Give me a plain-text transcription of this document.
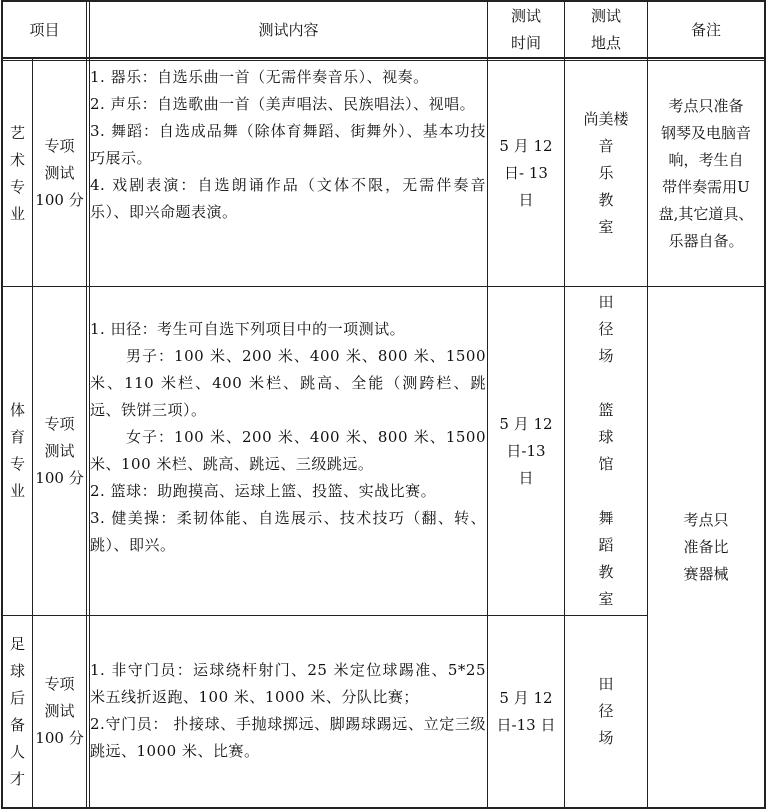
项目	测试内容
测试
时间
测试
地点
备注
艺
术
专
业
专项
测试
100 分

1. 器乐：自选乐曲一首（无需伴奏音乐）、视奏。

2. 声乐：自选歌曲一首（美声唱法、民族唱法）、视唱。

3. 舞蹈：自选成品舞（除体育舞蹈、街舞外）、基本功技巧展示。

4. 戏剧表演：自选朗诵作品（文体不限，无需伴奏音乐）、即兴命题表演。

5 月 12
日- 13
日
尚美楼
音
乐
教
室
考点只准备
钢琴及电脑音
响，考生自
带伴奏需用U
盘,其它道具、
乐器自备。
体
育
专
业
专项
测试
100 分

1. 田径：考生可自选下列项目中的一项测试。

男子：100 米、200 米、400 米、800 米、1500 米、110 米栏、400 米栏、跳高、全能（测跨栏、跳远、铁饼三项）。

女子：100 米、200 米、400 米、800 米、1500 米、100 米栏、跳高、跳远、三级跳远。

2. 篮球：助跑摸高、运球上篮、投篮、实战比赛。

3. 健美操：柔韧体能、自选展示、技术技巧（翻、转、跳）、即兴。

5 月 12
日-13
日
田
径
场

篮
球
馆

舞
蹈
教
室
考点只
准备比
赛器械
足
球
后
备
人
才
专项
测试
100 分

1. 非守门员：运球绕杆射门、25 米定位球踢准、5*25 米五线折返跑、100 米、1000 米、分队比赛；

2.守门员： 扑接球、手抛球掷远、脚踢球踢远、立定三级跳远、1000 米、比赛。

5 月 12
日-13 日
田
径
场
